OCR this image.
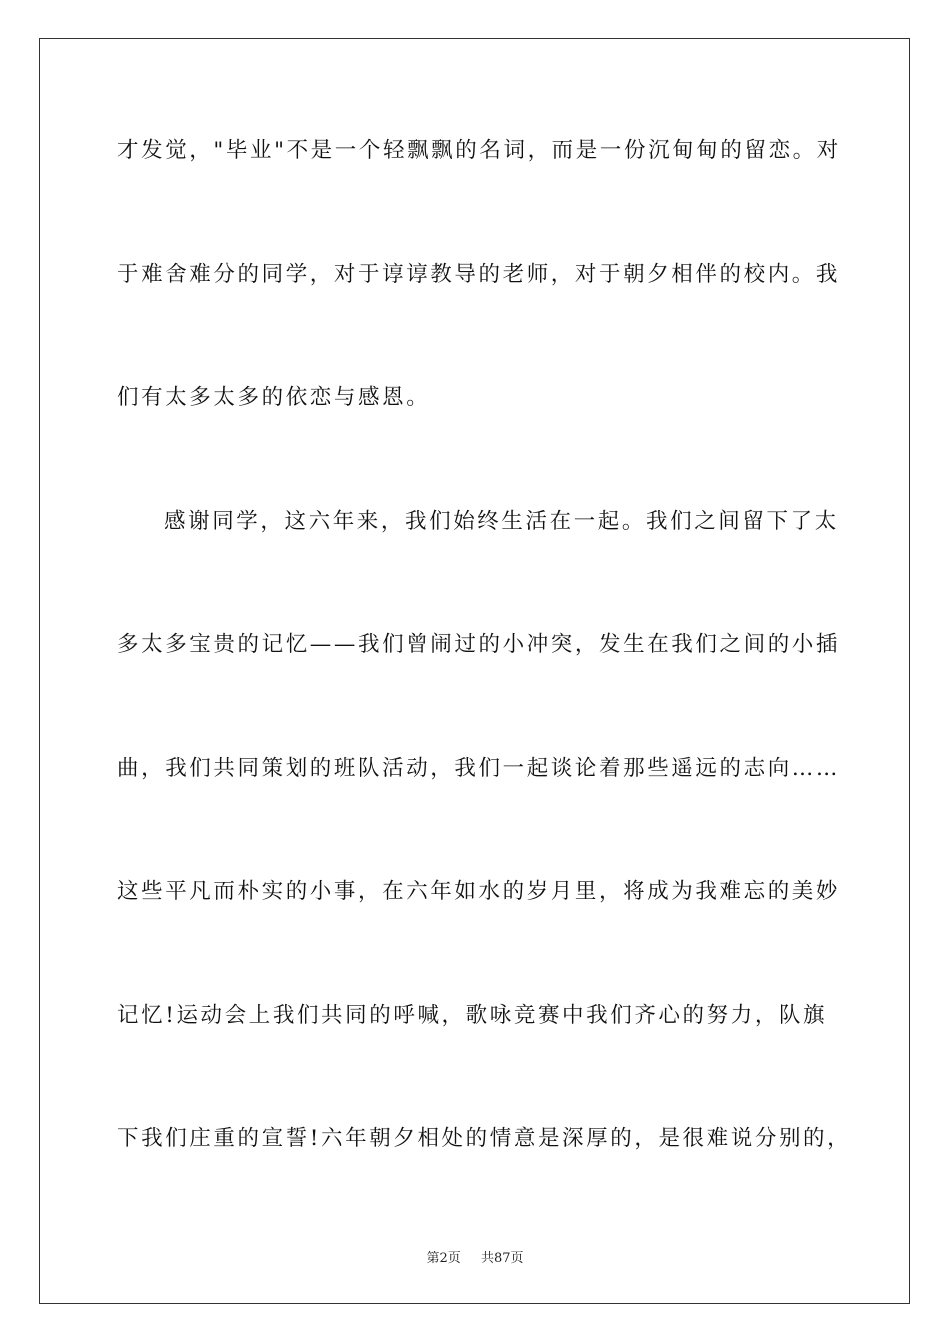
才发觉，"毕业"不是一个轻飘飘的名词，而是一份沉甸甸的留恋。对
于难舍难分的同学，对于谆谆教导的老师，对于朝夕相伴的校内。我
们有太多太多的依恋与感恩。
感谢同学，这六年来，我们始终生活在一起。我们之间留下了太
多太多宝贵的记忆——我们曾闹过的小冲突，发生在我们之间的小插
曲，我们共同策划的班队活动，我们一起谈论着那些遥远的志向……
这些平凡而朴实的小事，在六年如水的岁月里，将成为我难忘的美妙
记忆!运动会上我们共同的呼喊，歌咏竞赛中我们齐心的努力，队旗
下我们庄重的宣誓!六年朝夕相处的情意是深厚的，是很难说分别的，
第2页 共87页
